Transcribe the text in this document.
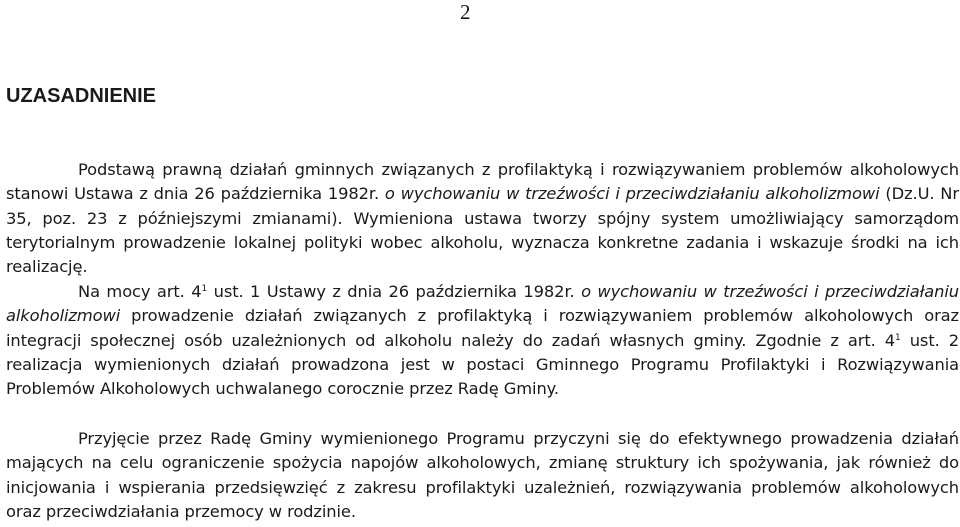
2
UZASADNIENIE

Podstawą prawną działań gminnych związanych z profilaktyką i rozwiązywaniem problemów alkoholowych stanowi Ustawa z dnia 26 października 1982r. o wychowaniu w trzeźwości i przeciwdziałaniu alkoholizmowi (Dz.U. Nr 35, poz. 23 z późniejszymi zmianami). Wymieniona ustawa tworzy spójny system umożliwiający samorządom terytorialnym prowadzenie lokalnej polityki wobec alkoholu, wyznacza konkretne zadania i wskazuje środki na ich realizację.

Na mocy art. $4^1$ ust. 1 Ustawy z dnia 26 października 1982r. o wychowaniu w trzeźwości i przeciwdziałaniu alkoholizmowi prowadzenie działań związanych z profilaktyką i rozwiązywaniem problemów alkoholowych oraz integracji społecznej osób uzależnionych od alkoholu należy do zadań własnych gminy. Zgodnie z art. $4^1$ ust. 2 realizacja wymienionych działań prowadzona jest w postaci Gminnego Programu Profilaktyki i Rozwiązywania Problemów Alkoholowych uchwalanego corocznie przez Radę Gminy.

Przyjęcie przez Radę Gminy wymienionego Programu przyczyni się do efektywnego prowadzenia działań mających na celu ograniczenie spożycia napojów alkoholowych, zmianę struktury ich spożywania, jak również do inicjowania i wspierania przedsięwzięć z zakresu profilaktyki uzależnień, rozwiązywania problemów alkoholowych oraz przeciwdziałania przemocy w rodzinie.
